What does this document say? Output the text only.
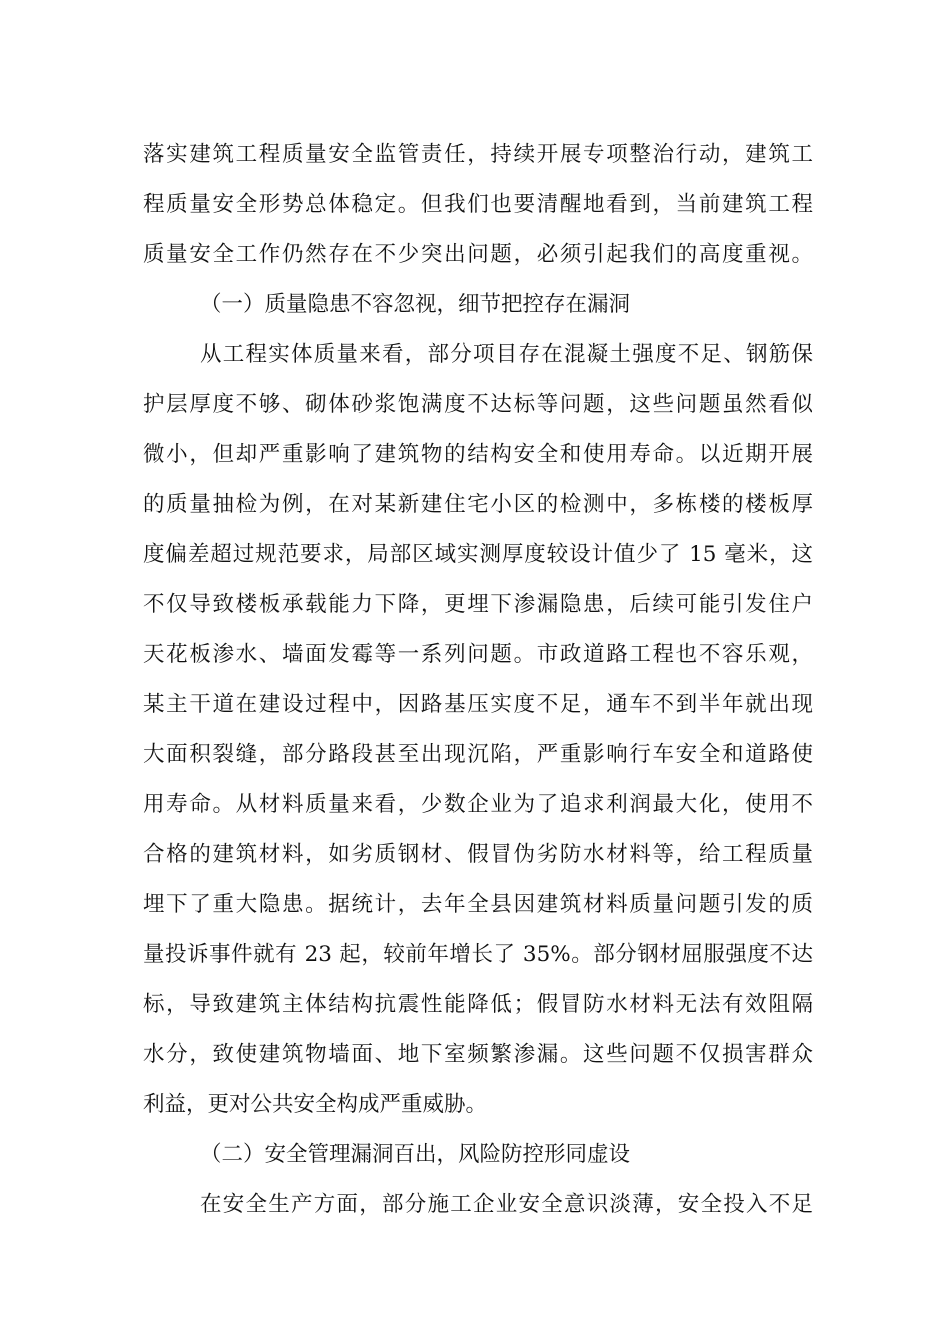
落实建筑工程质量安全监管责任，持续开展专项整治行动，建筑工
程质量安全形势总体稳定。但我们也要清醒地看到，当前建筑工程
质量安全工作仍然存在不少突出问题，必须引起我们的高度重视。
（一）质量隐患不容忽视，细节把控存在漏洞
从工程实体质量来看，部分项目存在混凝土强度不足、钢筋保
护层厚度不够、砌体砂浆饱满度不达标等问题，这些问题虽然看似
微小，但却严重影响了建筑物的结构安全和使用寿命。以近期开展
的质量抽检为例，在对某新建住宅小区的检测中，多栋楼的楼板厚
度偏差超过规范要求，局部区域实测厚度较设计值少了 15 毫米，这
不仅导致楼板承载能力下降，更埋下渗漏隐患，后续可能引发住户
天花板渗水、墙面发霉等一系列问题。市政道路工程也不容乐观，
某主干道在建设过程中，因路基压实度不足，通车不到半年就出现
大面积裂缝，部分路段甚至出现沉陷，严重影响行车安全和道路使
用寿命。从材料质量来看，少数企业为了追求利润最大化，使用不
合格的建筑材料，如劣质钢材、假冒伪劣防水材料等，给工程质量
埋下了重大隐患。据统计，去年全县因建筑材料质量问题引发的质
量投诉事件就有 23 起，较前年增长了 35%。部分钢材屈服强度不达
标，导致建筑主体结构抗震性能降低；假冒防水材料无法有效阻隔
水分，致使建筑物墙面、地下室频繁渗漏。这些问题不仅损害群众
利益，更对公共安全构成严重威胁。
（二）安全管理漏洞百出，风险防控形同虚设
在安全生产方面，部分施工企业安全意识淡薄，安全投入不足
